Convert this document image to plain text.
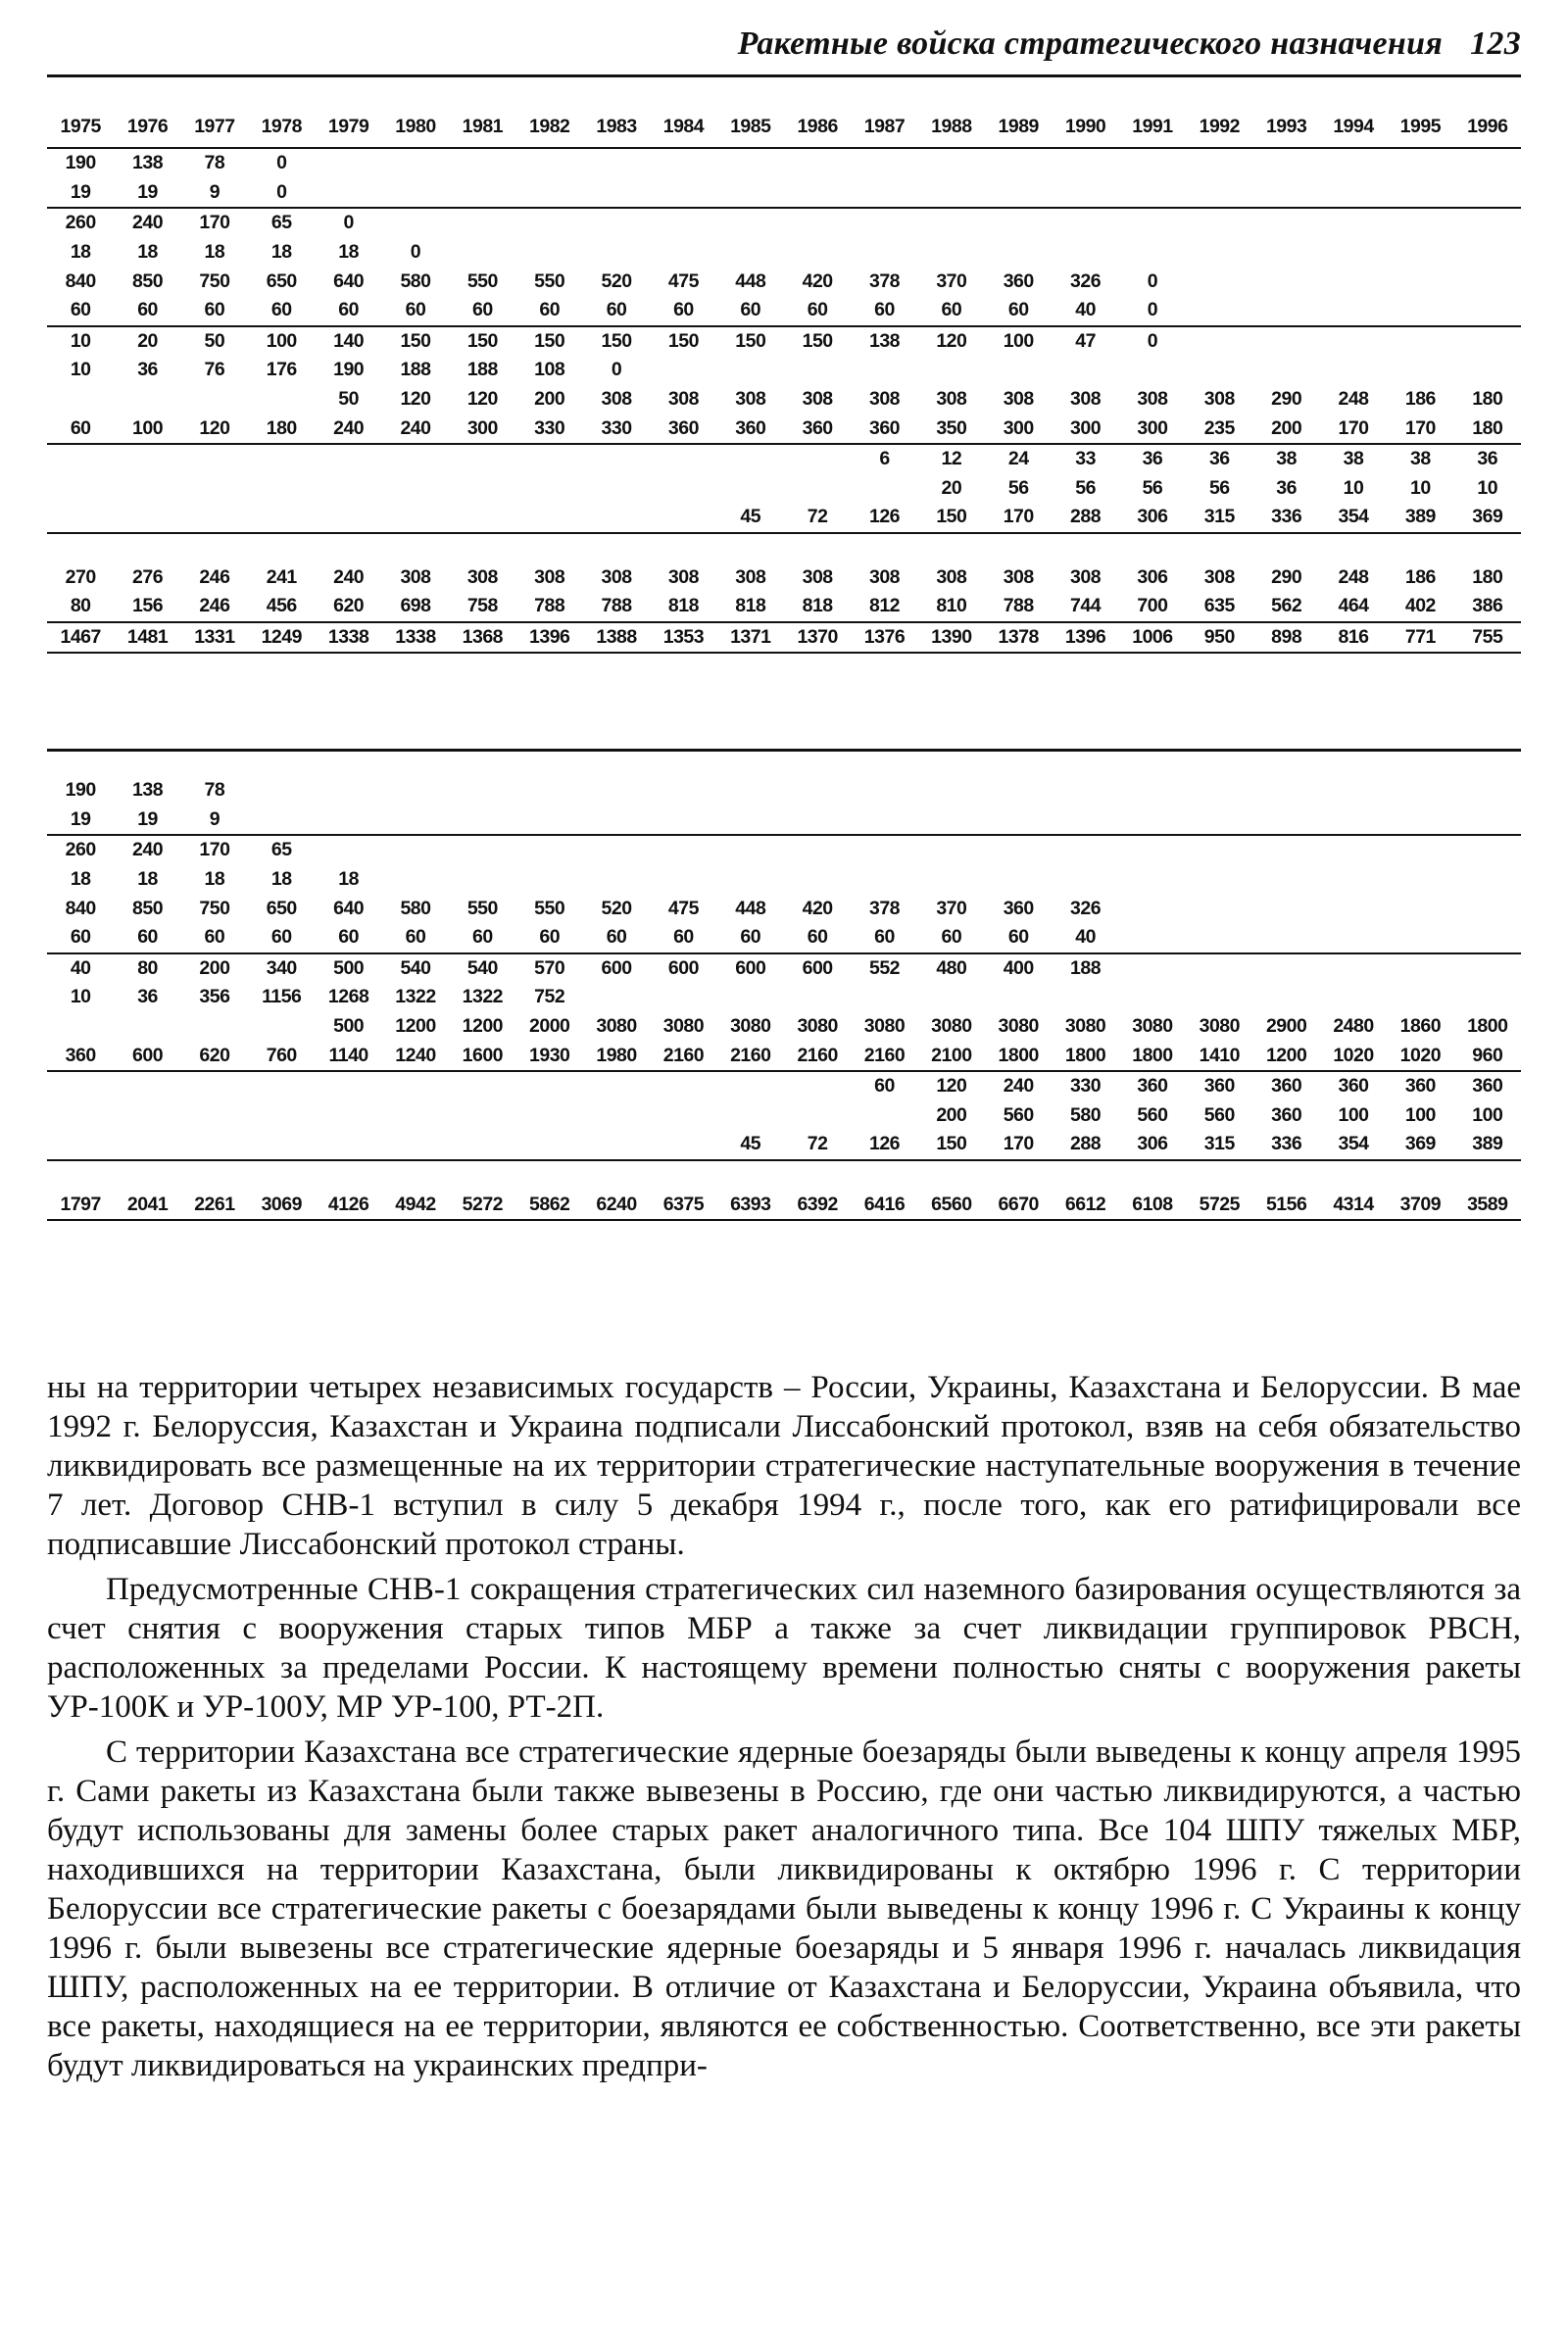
Ракетные войска стратегического назначения 123
1975	1976	1977	1978	1979	1980	1981	1982	1983	1984	1985	1986	1987	1988	1989	1990	1991	1992	1993	1994	1995	1996
190	138	78	0																		
19	19	9	0																		
260	240	170	65	0																	
18	18	18	18	18	0																
840	850	750	650	640	580	550	550	520	475	448	420	378	370	360	326	0					
60	60	60	60	60	60	60	60	60	60	60	60	60	60	60	40	0					
10	20	50	100	140	150	150	150	150	150	150	150	138	120	100	47	0					
10	36	76	176	190	188	188	108	0													
				50	120	120	200	308	308	308	308	308	308	308	308	308	308	290	248	186	180
60	100	120	180	240	240	300	330	330	360	360	360	360	350	300	300	300	235	200	170	170	180
												6	12	24	33	36	36	38	38	38	36
													20	56	56	56	56	36	10	10	10
										45	72	126	150	170	288	306	315	336	354	389	369

270	276	246	241	240	308	308	308	308	308	308	308	308	308	308	308	306	308	290	248	186	180
80	156	246	456	620	698	758	788	788	818	818	818	812	810	788	744	700	635	562	464	402	386
1467	1481	1331	1249	1338	1338	1368	1396	1388	1353	1371	1370	1376	1390	1378	1396	1006	950	898	816	771	755
190	138	78																			
19	19	9																			
260	240	170	65																		
18	18	18	18	18																	
840	850	750	650	640	580	550	550	520	475	448	420	378	370	360	326						
60	60	60	60	60	60	60	60	60	60	60	60	60	60	60	40						
40	80	200	340	500	540	540	570	600	600	600	600	552	480	400	188						
10	36	356	1156	1268	1322	1322	752														
				500	1200	1200	2000	3080	3080	3080	3080	3080	3080	3080	3080	3080	3080	2900	2480	1860	1800
360	600	620	760	1140	1240	1600	1930	1980	2160	2160	2160	2160	2100	1800	1800	1800	1410	1200	1020	1020	960
												60	120	240	330	360	360	360	360	360	360
													200	560	580	560	560	360	100	100	100
										45	72	126	150	170	288	306	315	336	354	369	389

1797	2041	2261	3069	4126	4942	5272	5862	6240	6375	6393	6392	6416	6560	6670	6612	6108	5725	5156	4314	3709	3589

ны на территории четырех независимых государств – России, Украины, Казахстана и Белоруссии. В мае 1992 г. Белоруссия, Казахстан и Украина подписали Лиссабонский протокол, взяв на себя обязательство ликвидировать все размещенные на их территории стратегические наступательные вооружения в течение 7 лет. Договор СНВ-1 вступил в силу 5 декабря 1994 г., после того, как его ратифицировали все подписавшие Лиссабонский протокол страны.

Предусмотренные СНВ-1 сокращения стратегических сил наземного базирования осуществляются за счет снятия с вооружения старых типов МБР а также за счет ликвидации группировок РВСН, расположенных за пределами России. К настоящему времени полностью сняты с вооружения ракеты УР-100К и УР-100У, МР УР-100, РТ-2П.

С территории Казахстана все стратегические ядерные боезаряды были выведены к концу апреля 1995 г. Сами ракеты из Казахстана были также вывезены в Россию, где они частью ликвидируются, а частью будут использованы для замены более старых ракет аналогичного типа. Все 104 ШПУ тяжелых МБР, находившихся на территории Казахстана, были ликвидированы к октябрю 1996 г. С территории Белоруссии все стратегические ракеты с боезарядами были выведены к концу 1996 г. С Украины к концу 1996 г. были вывезены все стратегические ядерные боезаряды и 5 января 1996 г. началась ликвидация ШПУ, расположенных на ее территории. В отличие от Казахстана и Белоруссии, Украина объявила, что все ракеты, находящиеся на ее территории, являются ее собственностью. Соответственно, все эти ракеты будут ликвидироваться на украинских предпри-
